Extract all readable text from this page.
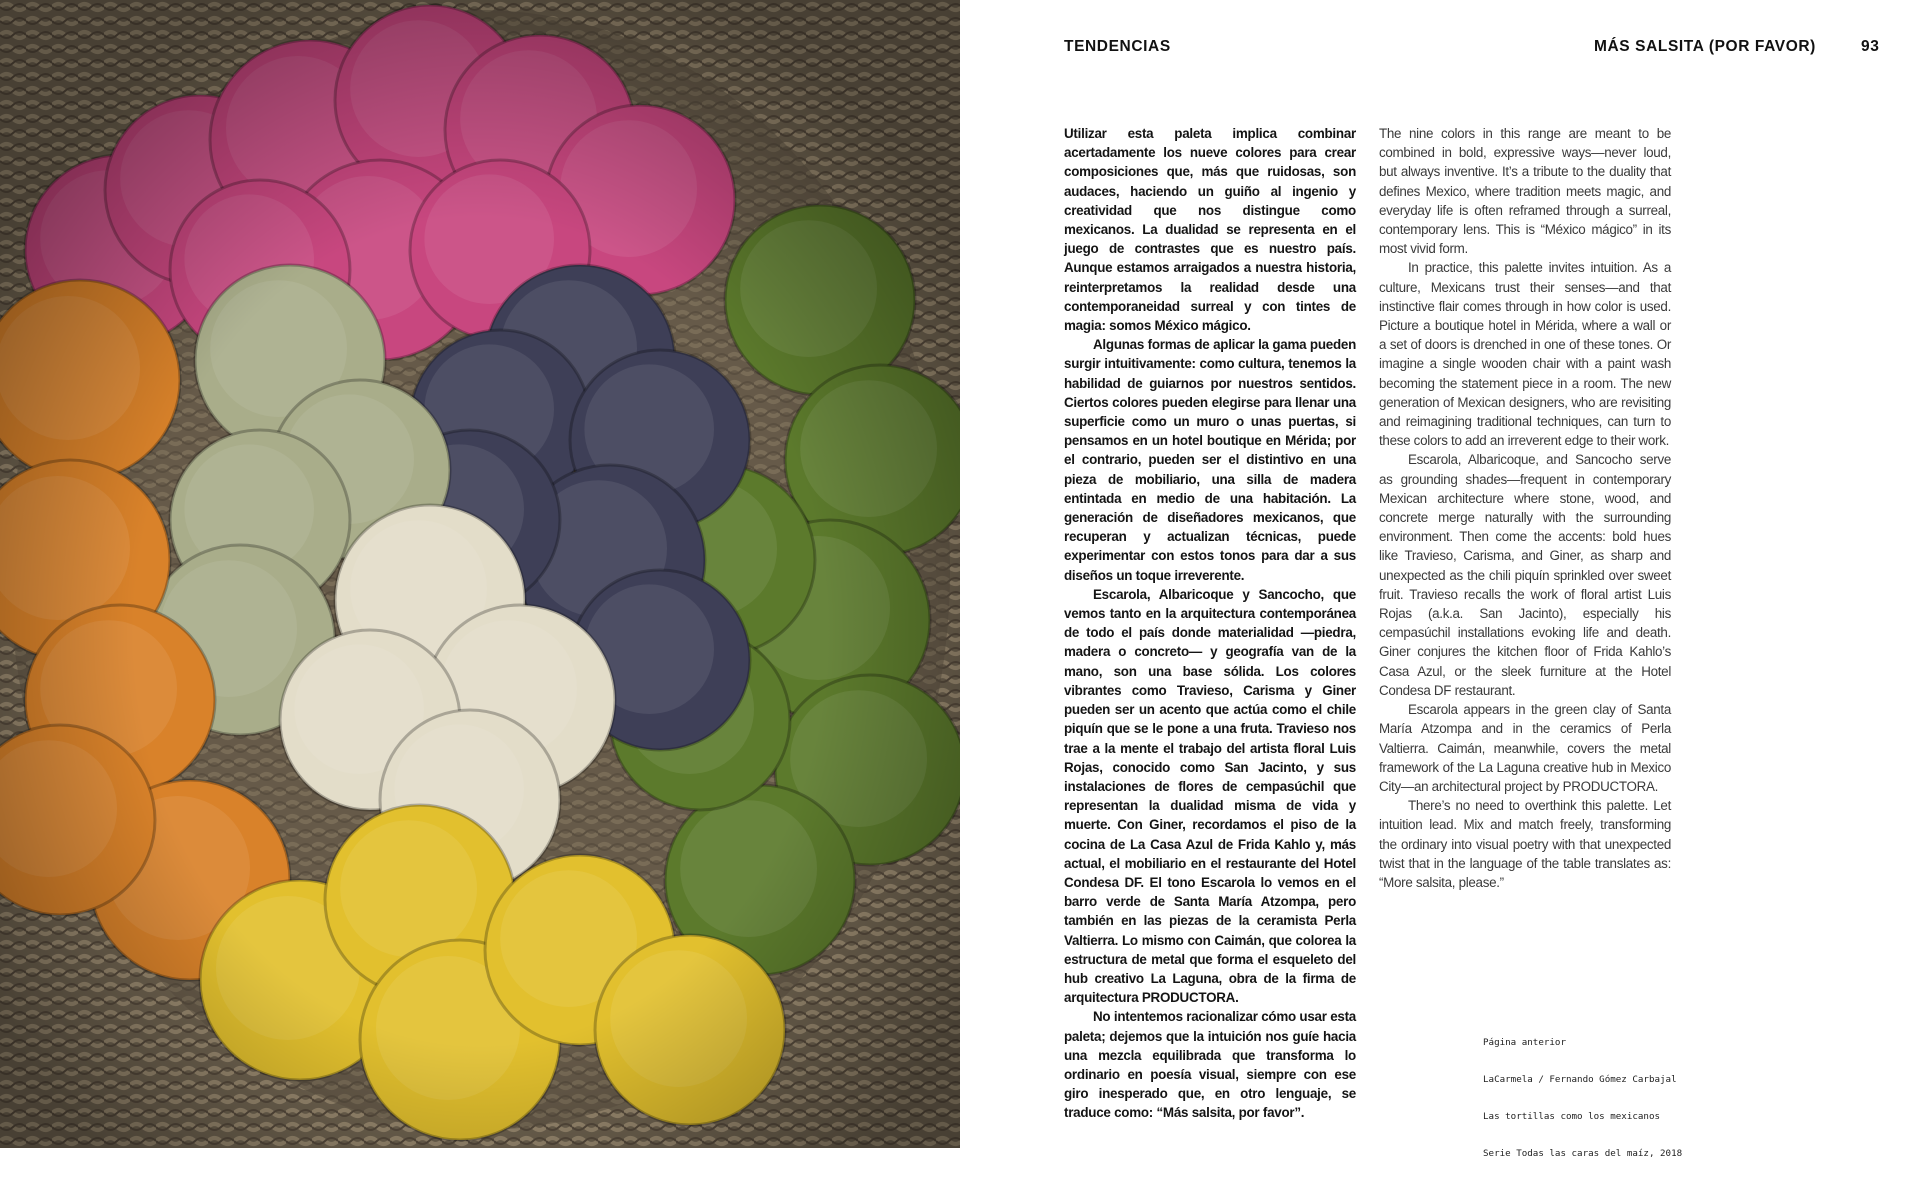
TENDENCIAS	MÁS SALSITA (POR FAVOR)	93

Utilizar esta paleta implica combinar acertadamente los nueve colores para crear composiciones que, más que ruidosas, son audaces, haciendo un guiño al ingenio y creatividad que nos distingue como mexicanos. La dualidad se representa en el juego de contrastes que es nuestro país. Aunque estamos arraigados a nuestra historia, reinterpretamos la realidad desde una contemporaneidad surreal y con tintes de magia: somos México mágico.

Algunas formas de aplicar la gama pueden surgir intuitivamente: como cultura, tenemos la habilidad de guiarnos por nuestros sentidos. Ciertos colores pueden elegirse para llenar una superficie como un muro o unas puertas, si pensamos en un hotel boutique en Mérida; por el contrario, pueden ser el distintivo en una pieza de mobiliario, una silla de madera entintada en medio de una habitación. La generación de diseñadores mexicanos, que recuperan y actualizan técnicas, puede experimentar con estos tonos para dar a sus diseños un toque irreverente.

Escarola, Albaricoque y Sancocho, que vemos tanto en la arquitectura contemporánea de todo el país donde materialidad —piedra, madera o concreto— y geografía van de la mano, son una base sólida. Los colores vibrantes como Travieso, Carisma y Giner pueden ser un acento que actúa como el chile piquín que se le pone a una fruta. Travieso nos trae a la mente el trabajo del artista floral Luis Rojas, conocido como San Jacinto, y sus instalaciones de flores de cempasúchil que representan la dualidad misma de vida y muerte. Con Giner, recordamos el piso de la cocina de La Casa Azul de Frida Kahlo y, más actual, el mobiliario en el restaurante del Hotel Condesa DF. El tono Escarola lo vemos en el barro verde de Santa María Atzompa, pero también en las piezas de la ceramista Perla Valtierra. Lo mismo con Caimán, que colorea la estructura de metal que forma el esqueleto del hub creativo La Laguna, obra de la firma de arquitectura PRODUCTORA.

No intentemos racionalizar cómo usar esta paleta; dejemos que la intuición nos guíe hacia una mezcla equilibrada que transforma lo ordinario en poesía visual, siempre con ese giro inesperado que, en otro lenguaje, se traduce como: “Más salsita, por favor”.

The nine colors in this range are meant to be combined in bold, expressive ways—never loud, but always inventive. It’s a tribute to the duality that defines Mexico, where tradition meets magic, and everyday life is often reframed through a surreal, contemporary lens. This is “México mágico” in its most vivid form.

In practice, this palette invites intuition. As a culture, Mexicans trust their senses—and that instinctive flair comes through in how color is used. Picture a boutique hotel in Mérida, where a wall or a set of doors is drenched in one of these tones. Or imagine a single wooden chair with a paint wash becoming the statement piece in a room. The new generation of Mexican designers, who are revisiting and reimagining traditional techniques, can turn to these colors to add an irreverent edge to their work.

Escarola, Albaricoque, and Sancocho serve as grounding shades—frequent in contemporary Mexican architecture where stone, wood, and concrete merge naturally with the surrounding environment. Then come the accents: bold hues like Travieso, Carisma, and Giner, as sharp and unexpected as the chili piquín sprinkled over sweet fruit. Travieso recalls the work of floral artist Luis Rojas (a.k.a. San Jacinto), especially his cempasúchil installations evoking life and death. Giner conjures the kitchen floor of Frida Kahlo’s Casa Azul, or the sleek furniture at the Hotel Condesa DF restaurant.

Escarola appears in the green clay of Santa María Atzompa and in the ceramics of Perla Valtierra. Caimán, meanwhile, covers the metal framework of the La Laguna creative hub in Mexico City—an architectural project by PRODUCTORA.

There’s no need to overthink this palette. Let intuition lead. Mix and match freely, transforming the ordinary into visual poetry with that unexpected twist that in the language of the table translates as: “More salsita, please.”

Página anterior

LaCarmela / Fernando Gómez Carbajal

Las tortillas como los mexicanos

Serie Todas las caras del maíz, 2018
